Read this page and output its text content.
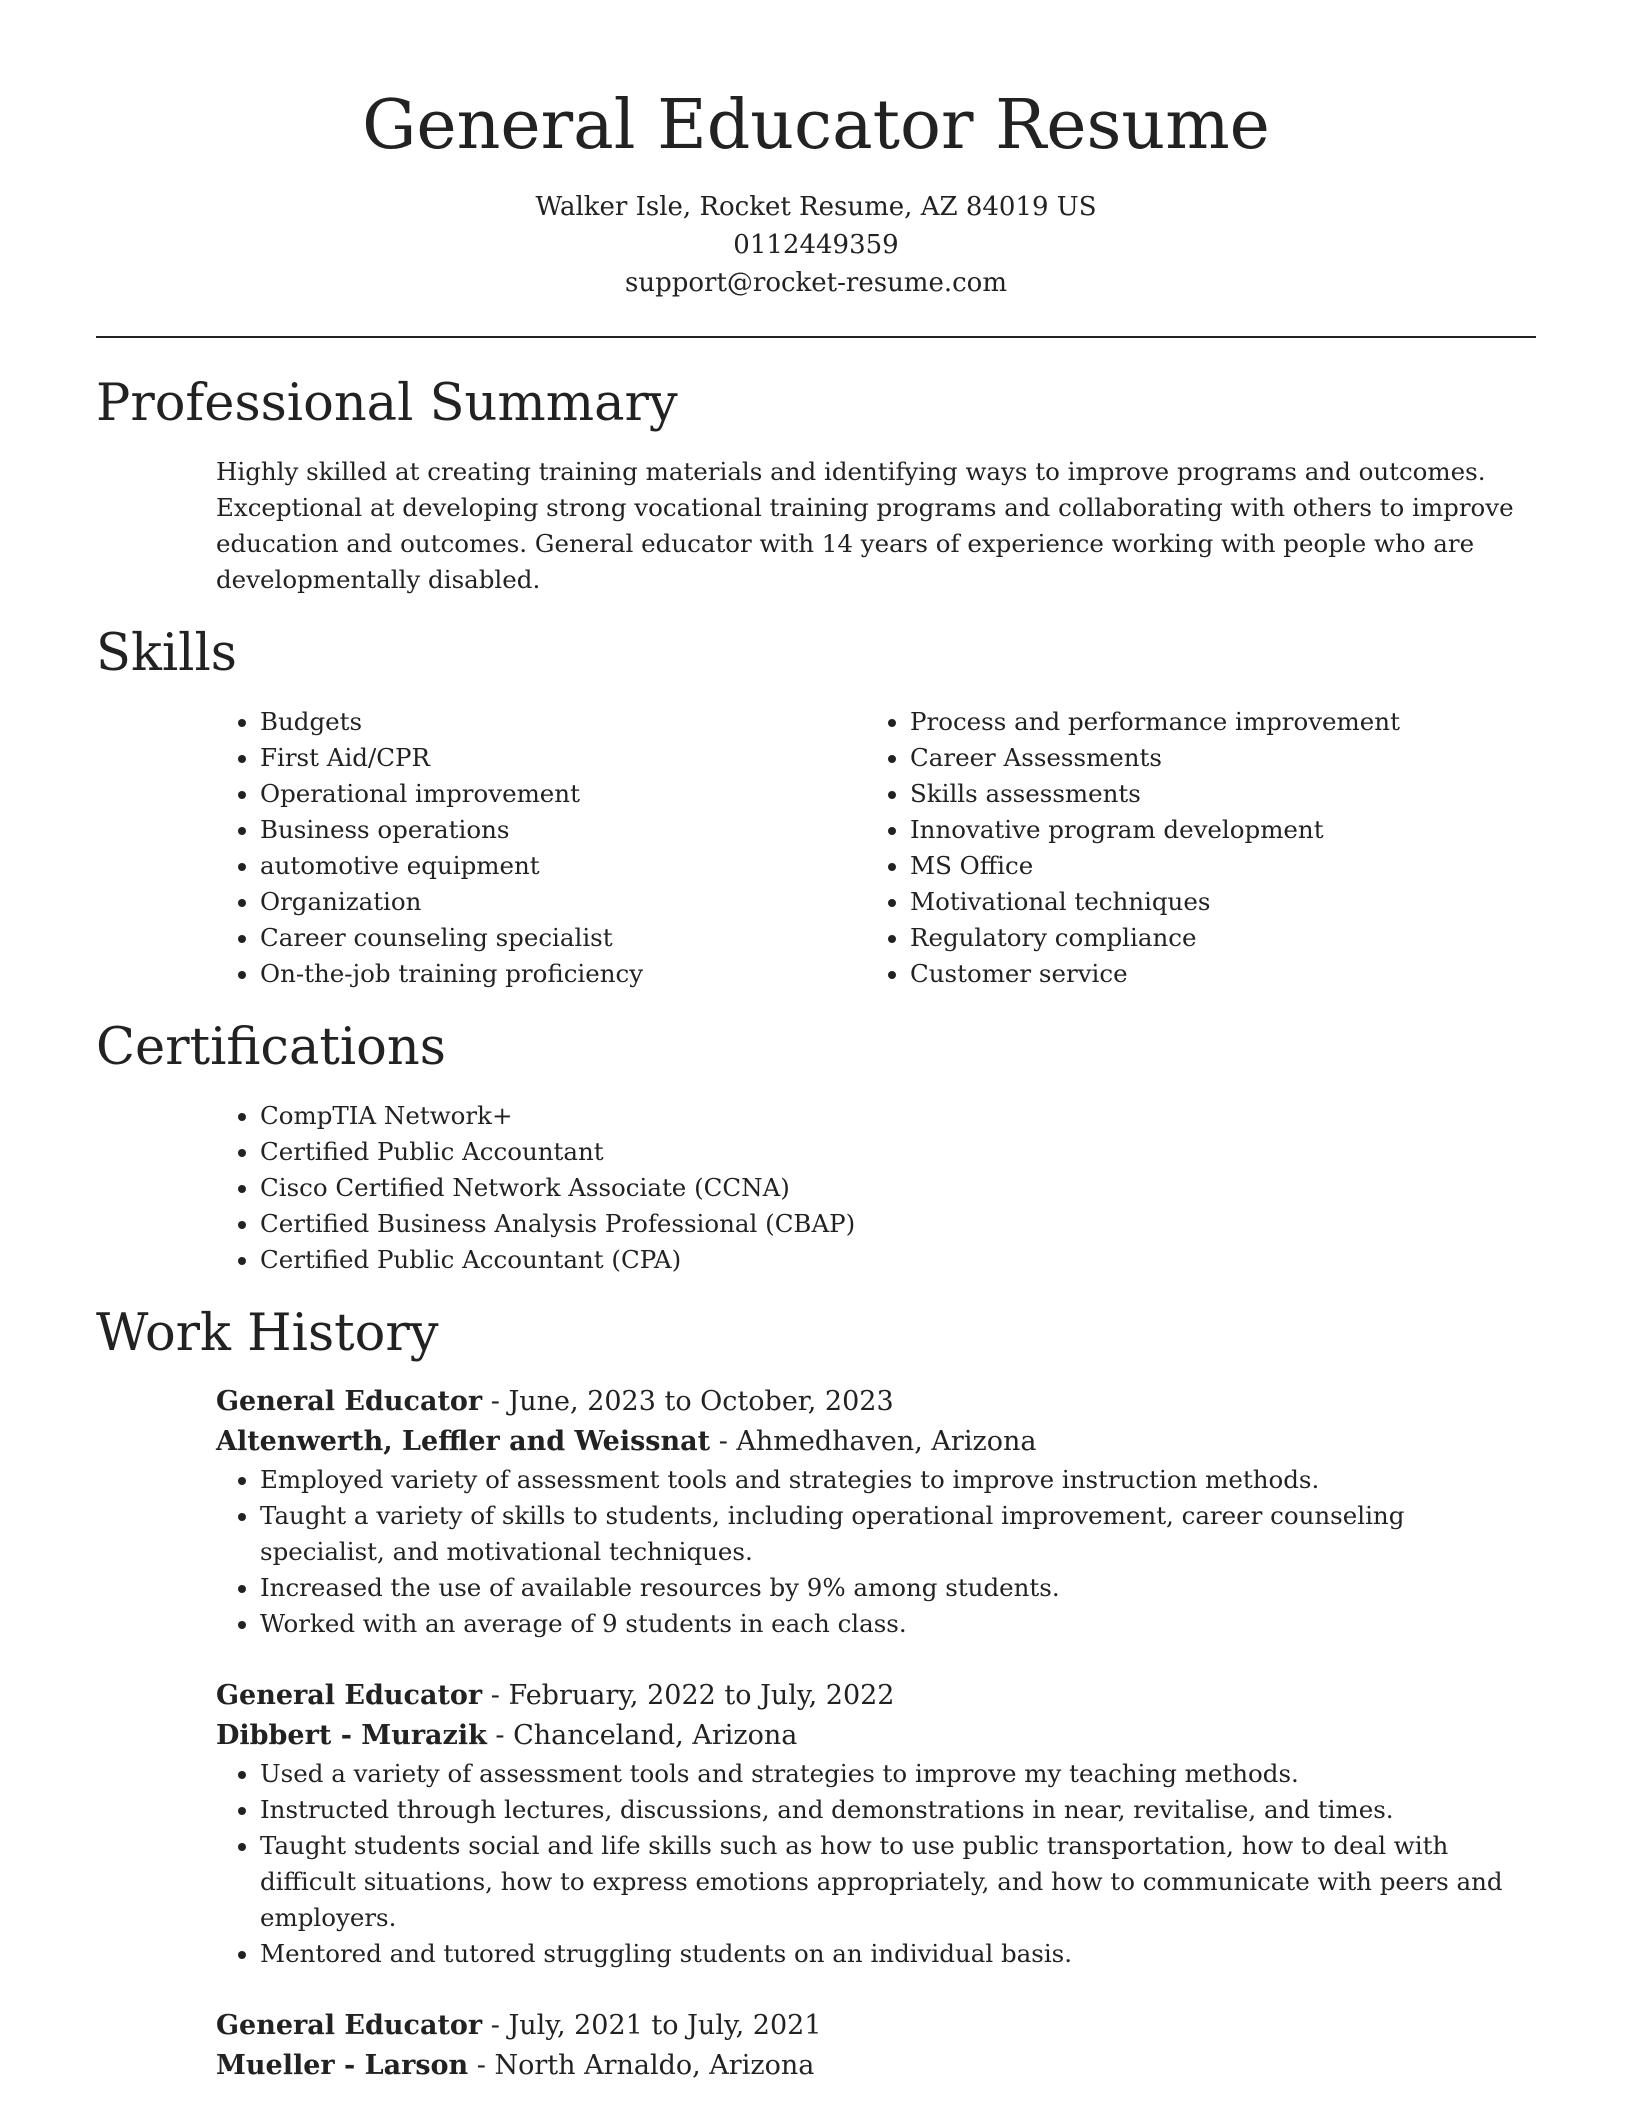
General Educator Resume
Walker Isle, Rocket Resume, AZ 84019 US
0112449359
support@rocket-resume.com
Professional Summary

Highly skilled at creating training materials and identifying ways to improve programs and outcomes. Exceptional at developing strong vocational training programs and collaborating with others to improve education and outcomes. General educator with 14 years of experience working with people who are developmentally disabled.

Skills
• Budgets
• First Aid/CPR
• Operational improvement
• Business operations
• automotive equipment
• Organization
• Career counseling specialist
• On-the-job training proficiency
• Process and performance improvement
• Career Assessments
• Skills assessments
• Innovative program development
• MS Office
• Motivational techniques
• Regulatory compliance
• Customer service
Certifications
• CompTIA Network+
• Certified Public Accountant
• Cisco Certified Network Associate (CCNA)
• Certified Business Analysis Professional (CBAP)
• Certified Public Accountant (CPA)
Work History
General Educator - June, 2023 to October, 2023
Altenwerth, Leffler and Weissnat - Ahmedhaven, Arizona
• Employed variety of assessment tools and strategies to improve instruction methods.
• Taught a variety of skills to students, including operational improvement, career counseling specialist, and motivational techniques.
• Increased the use of available resources by 9% among students.
• Worked with an average of 9 students in each class.
General Educator - February, 2022 to July, 2022
Dibbert - Murazik - Chanceland, Arizona
• Used a variety of assessment tools and strategies to improve my teaching methods.
• Instructed through lectures, discussions, and demonstrations in near, revitalise, and times.
• Taught students social and life skills such as how to use public transportation, how to deal with difficult situations, how to express emotions appropriately, and how to communicate with peers and employers.
• Mentored and tutored struggling students on an individual basis.
General Educator - July, 2021 to July, 2021
Mueller - Larson - North Arnaldo, Arizona
